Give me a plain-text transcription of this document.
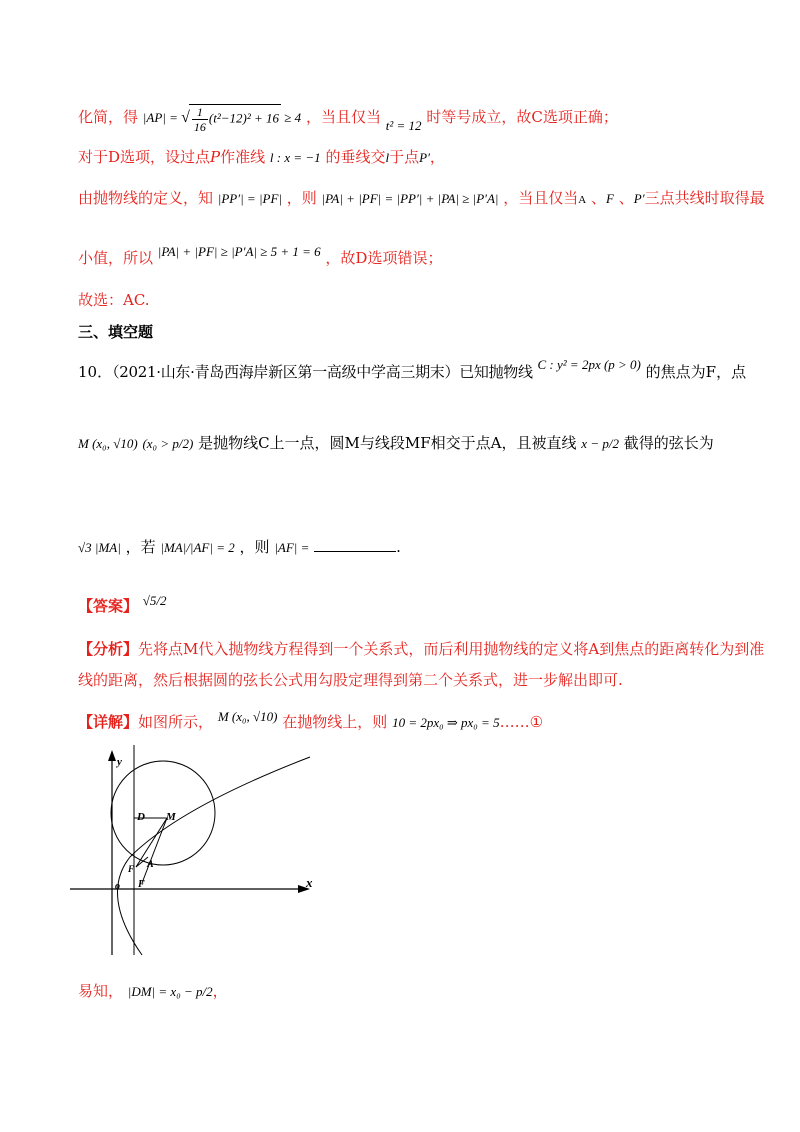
化简，得 |AP| = √ $\frac{1}{16} (t^2-12)^2 + 16 \ge 4$ ，当且仅当 t² = 12 时等号成立，故C选项正确；
对于D选项，设过点P作准线 l : x = −1 的垂线交l于点P′，
由抛物线的定义，知 |PP′| = |PF| ，则 |PA| + |PF| = |PP′| + |PA| ≥ |P′A| ，当且仅当A 、F 、P′三点共线时取得最
小值，所以 |PA| + |PF| ≥ |P′A| ≥ 5 + 1 = 6 ，故D选项错误；
故选：AC.
三、填空题
10．（2021·山东·青岛西海岸新区第一高级中学高三期末）已知抛物线 C : y² = 2px (p > 0) 的焦点为F，点
M (x₀, √10) (x₀ > p/2) 是抛物线C上一点，圆M与线段MF相交于点A，且被直线 x − p/2 截得的弦长为
√3 |MA| ，若 |MA|/|AF| = 2 ，则 |AF| =	.
【答案】 √5/2
【分析】先将点M代入抛物线方程得到一个关系式，而后利用抛物线的定义将A到焦点的距离转化为到准
线的距离，然后根据圆的弦长公式用勾股定理得到第二个关系式，进一步解出即可.
【详解】如图所示， M (x₀, √10) 在抛物线上，则 10 = 2px₀ ⇒ px₀ = 5……①
y
x
D M
A
F
F
o
易知， |DM| = x₀ − p/2，
